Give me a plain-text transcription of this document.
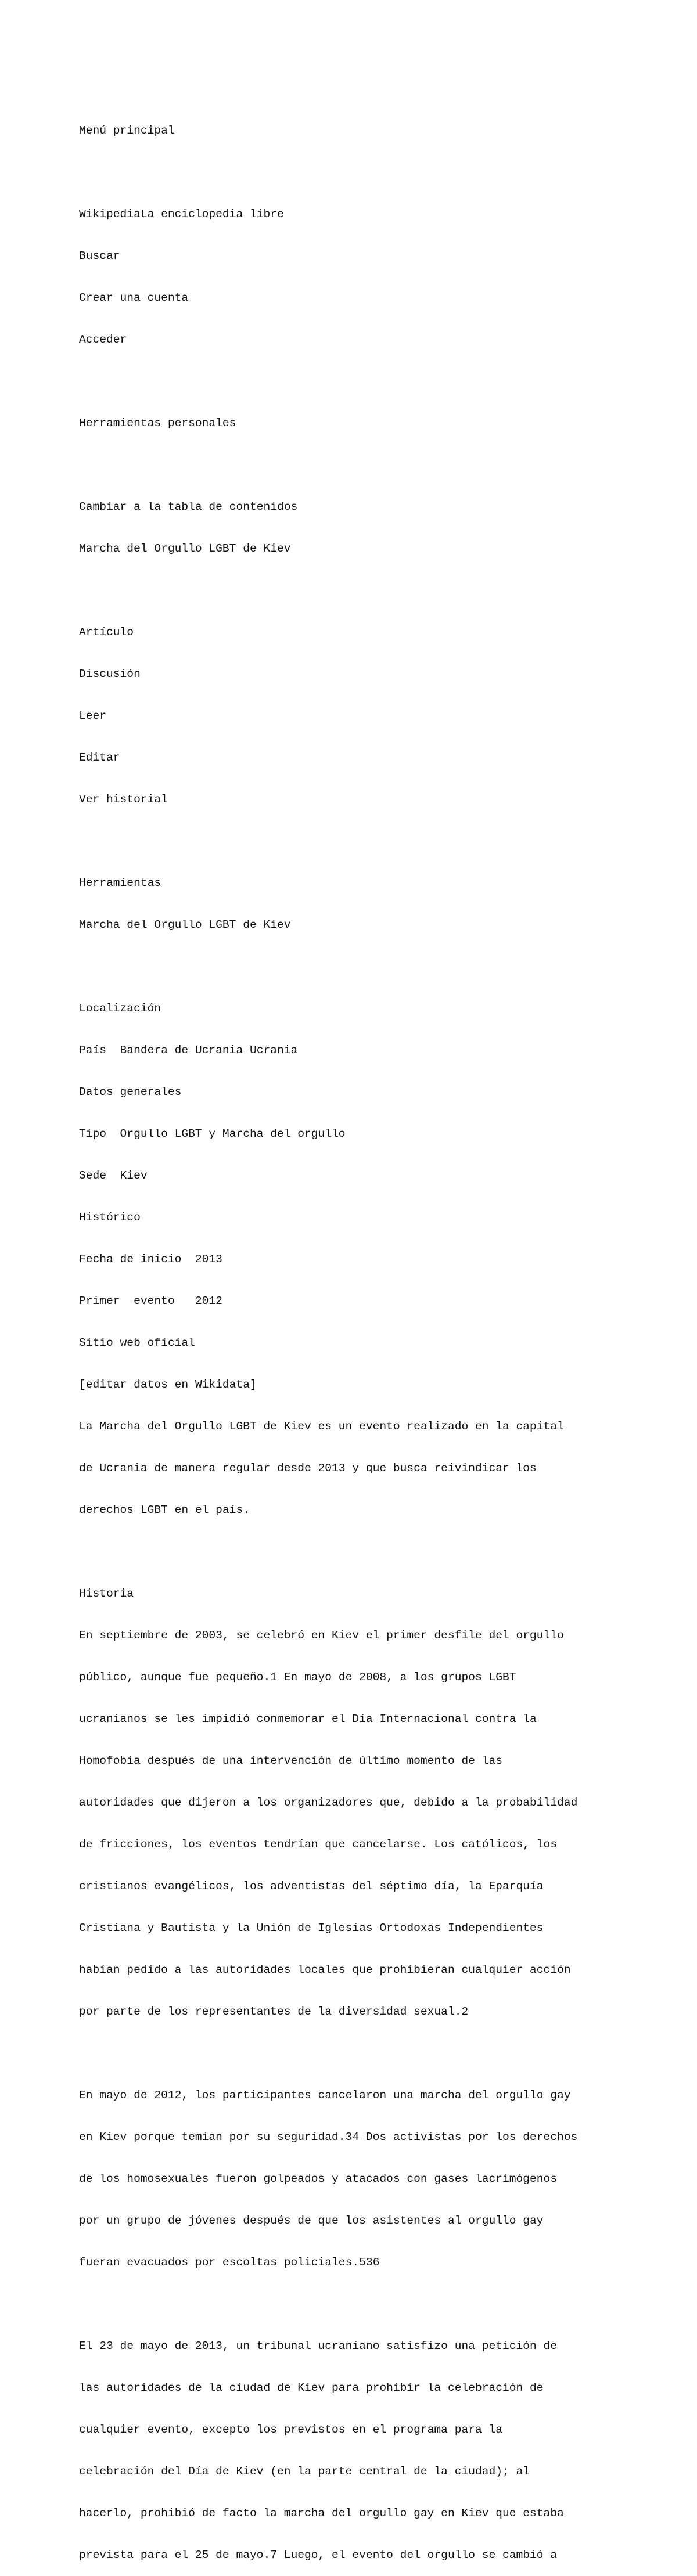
Menú principal

WikipediaLa enciclopedia libre

Buscar

Crear una cuenta

Acceder

Herramientas personales

Cambiar a la tabla de contenidos

Marcha del Orgullo LGBT de Kiev

Artículo

Discusión

Leer

Editar

Ver historial

Herramientas

Marcha del Orgullo LGBT de Kiev

Localización

País  Bandera de Ucrania Ucrania

Datos generales

Tipo  Orgullo LGBT y Marcha del orgullo

Sede  Kiev

Histórico

Fecha de inicio  2013

Primer  evento   2012

Sitio web oficial

[editar datos en Wikidata]

La Marcha del Orgullo LGBT de Kiev es un evento realizado en la capital

de Ucrania de manera regular desde 2013 y que busca reivindicar los

derechos LGBT en el país.

Historia

En septiembre de 2003, se celebró en Kiev el primer desfile del orgullo

público, aunque fue pequeño.1 En mayo de 2008, a los grupos LGBT

ucranianos se les impidió conmemorar el Día Internacional contra la

Homofobia después de una intervención de último momento de las

autoridades que dijeron a los organizadores que, debido a la probabilidad

de fricciones, los eventos tendrían que cancelarse. Los católicos, los

cristianos evangélicos, los adventistas del séptimo día, la Eparquía

Cristiana y Bautista y la Unión de Iglesias Ortodoxas Independientes

habían pedido a las autoridades locales que prohibieran cualquier acción

por parte de los representantes de la diversidad sexual.2

En mayo de 2012, los participantes cancelaron una marcha del orgullo gay

en Kiev porque temían por su seguridad.34 Dos activistas por los derechos

de los homosexuales fueron golpeados y atacados con gases lacrimógenos

por un grupo de jóvenes después de que los asistentes al orgullo gay

fueran evacuados por escoltas policiales.536

El 23 de mayo de 2013, un tribunal ucraniano satisfizo una petición de

las autoridades de la ciudad de Kiev para prohibir la celebración de

cualquier evento, excepto los previstos en el programa para la

celebración del Día de Kiev (en la parte central de la ciudad); al

hacerlo, prohibió de facto la marcha del orgullo gay en Kiev que estaba

prevista para el 25 de mayo.7 Luego, el evento del orgullo se cambió a
